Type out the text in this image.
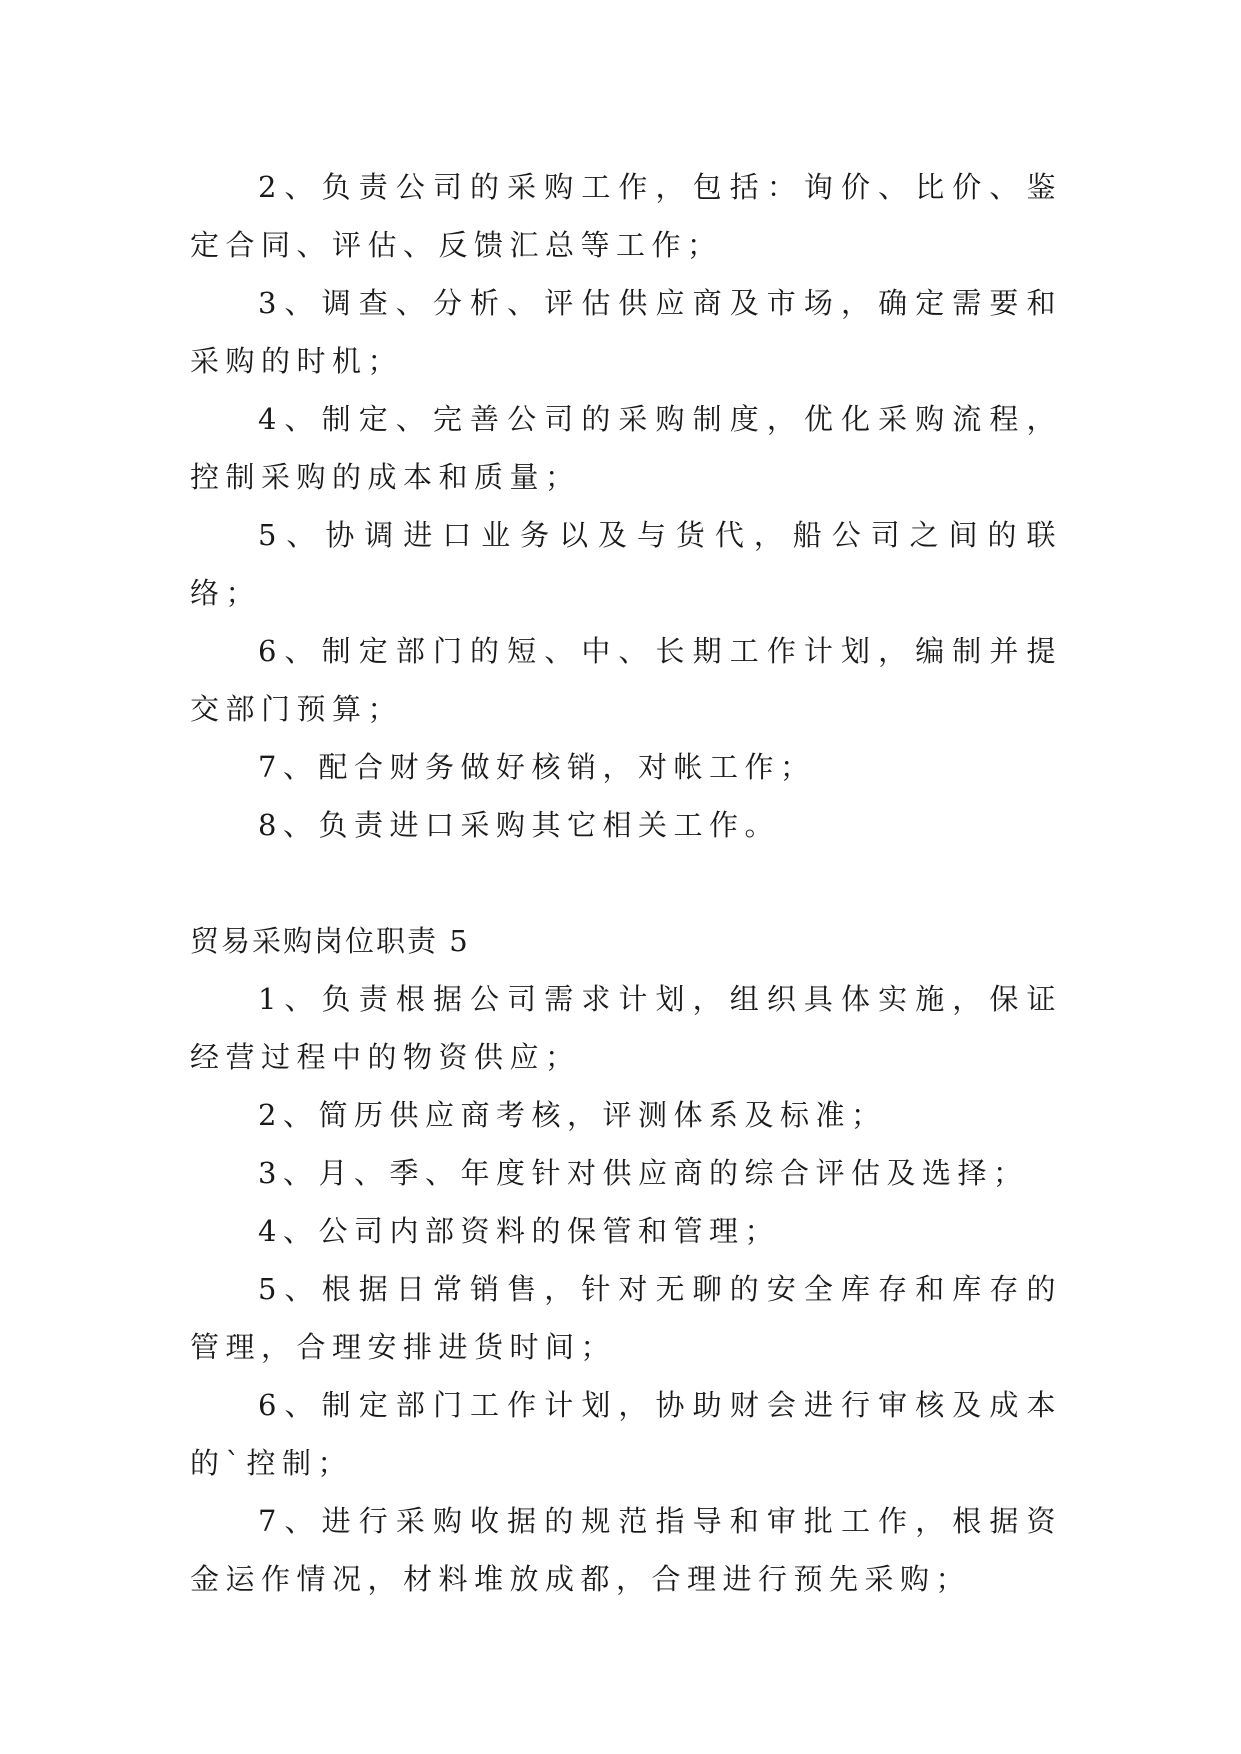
2、负责公司的采购工作，包括：询价、比价、鉴定合同、评估、反馈汇总等工作；

3、调查、分析、评估供应商及市场，确定需要和采购的时机；

4、制定、完善公司的采购制度，优化采购流程，控制采购的成本和质量；

5、协调进口业务以及与货代，船公司之间的联络；

6、制定部门的短、中、长期工作计划，编制并提交部门预算；

7、配合财务做好核销，对帐工作；

8、负责进口采购其它相关工作。

贸易采购岗位职责 5

1、负责根据公司需求计划，组织具体实施，保证经营过程中的物资供应；

2、简历供应商考核，评测体系及标准；

3、月、季、年度针对供应商的综合评估及选择；

4、公司内部资料的保管和管理；

5、根据日常销售，针对无聊的安全库存和库存的管理，合理安排进货时间；

6、制定部门工作计划，协助财会进行审核及成本的`控制；

7、进行采购收据的规范指导和审批工作，根据资金运作情况，材料堆放成都，合理进行预先采购；
